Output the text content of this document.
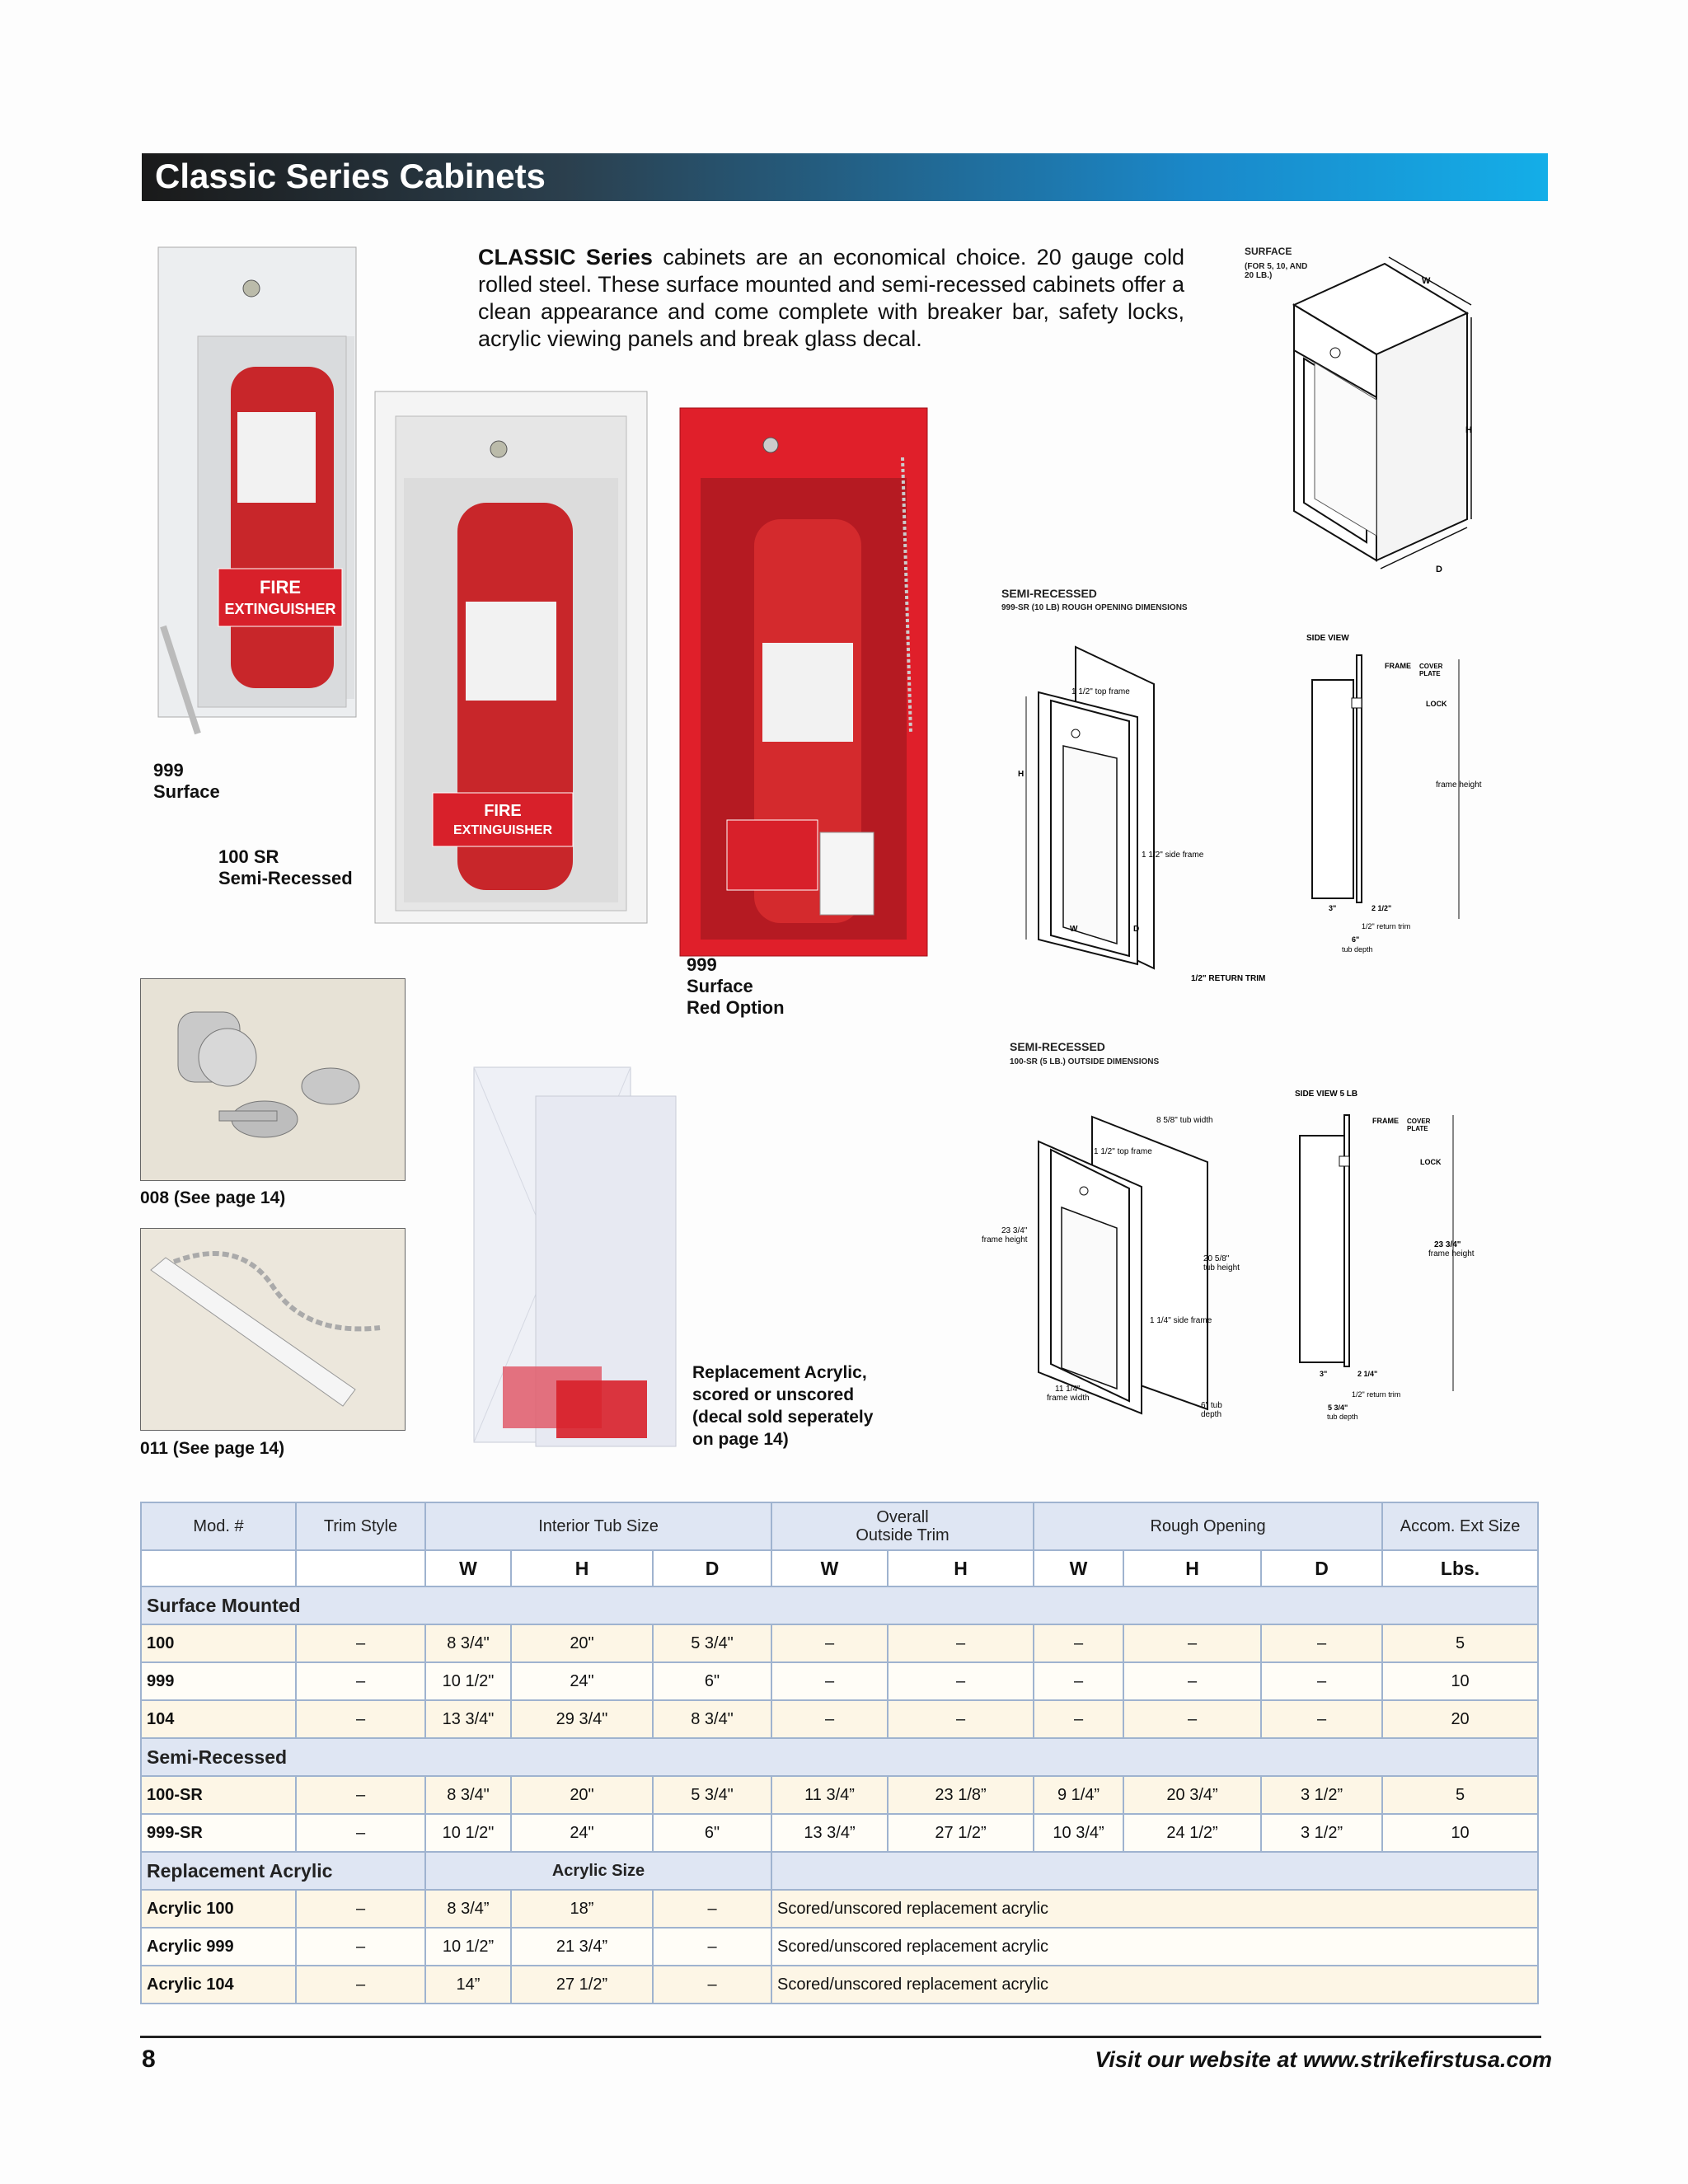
Classic Series Cabinets
CLASSIC Series cabinets are an economical choice. 20 gauge cold rolled steel. These surface mounted and semi-recessed cabinets offer a clean appearance and come complete with breaker bar, safety locks, acrylic viewing panels and break glass decal.
FIRE
EXTINGUISHER
FIRE
EXTINGUISHER
999
Surface
100 SR
Semi-Recessed
999
Surface
Red Option
008 (See page 14)
011 (See page 14)
Replacement Acrylic,
scored or unscored
(decal sold seperately
on page 14)
SURFACE
(FOR 5, 10, AND
20 LB.)
W
H
D
SEMI-RECESSED
999-SR (10 LB) ROUGH OPENING DIMENSIONS
1 1/2" top frame
1 1/2" side frame
H
W	D
1/2" RETURN TRIM
SIDE VIEW
FRAME COVER PLATE
LOCK
frame height
3"	2 1/2"
1/2" return trim
6"
tub depth
SEMI-RECESSED
100-SR (5 LB.) OUTSIDE DIMENSIONS
8 5/8" tub width
1 1/2" top frame
23 3/4"
frame height
20 5/8"
tub height
1 1/4" side frame
11 1/4"
frame width
6" tub
depth
SIDE VIEW 5 LB
FRAME COVER PLATE
LOCK
23 3/4"
frame height
3"	2 1/4"
1/2" return trim
5 3/4"
tub depth
Mod. #	Trim Style	Interior Tub Size			Overall
Outside Trim		Rough Opening			Accom. Ext Size
		W	H	D	W	H	W	H	D	Lbs.
Surface Mounted										
100	–	8 3/4"	20"	5 3/4"	–	–	–	–	–	5
999	–	10 1/2"	24"	6"	–	–	–	–	–	10
104	–	13 3/4"	29 3/4"	8 3/4"	–	–	–	–	–	20
Semi-Recessed										
100-SR	–	8 3/4"	20"	5 3/4"	11 3/4”	23 1/8”	9 1/4”	20 3/4”	3 1/2”	5
999-SR	–	10 1/2"	24"	6"	13 3/4”	27 1/2”	10 3/4”	24 1/2”	3 1/2”	10
Replacement Acrylic		Acrylic Size								
Acrylic 100	–	8 3/4”	18”	–	Scored/unscored replacement acrylic					
Acrylic 999	–	10 1/2”	21 3/4”	–	Scored/unscored replacement acrylic					
Acrylic 104	–	14”	27 1/2”	–	Scored/unscored replacement acrylic					
8	Visit our website at www.strikefirstusa.com
